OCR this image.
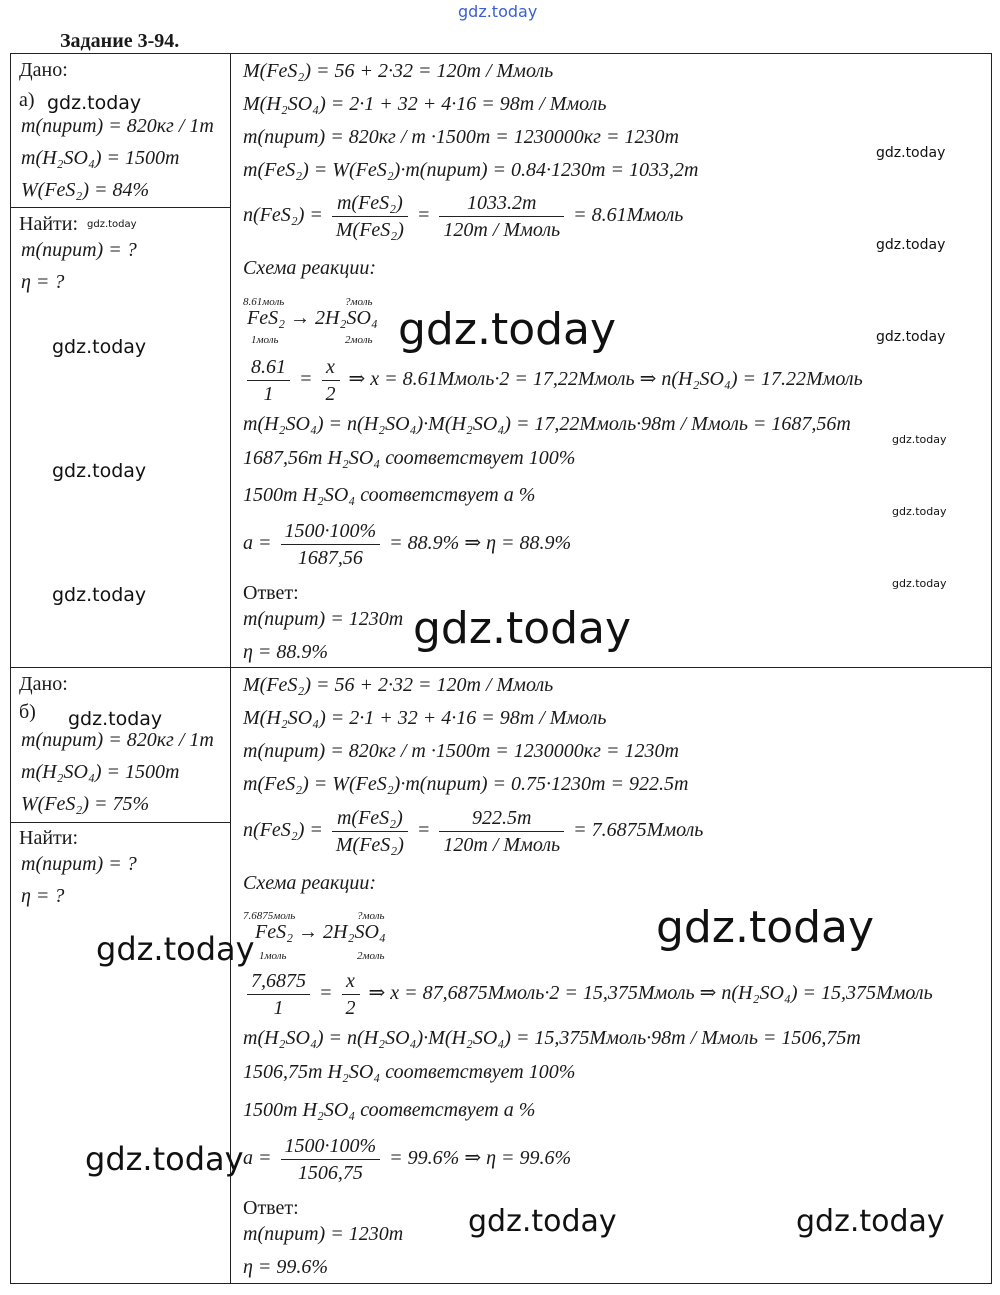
gdz.today
Задание 3-94.
Дано:
а)
m(пирит) = 820кг / 1т
m(H₂SO₄) = 1500т
W(FeS₂) = 84%
Найти:
m(пирит) = ?
η = ?
M(FeS₂) = 56 + 2·32 = 120т / Ммоль
M(H₂SO₄) = 2·1 + 32 + 4·16 = 98т / Ммоль
m(пирит) = 820кг / т ·1500т = 1230000кг = 1230т
m(FeS₂) = W(FeS₂)·m(пирит) = 0.84·1230т = 1033,2т
$n(FeS_2) = \frac{\text{m(FeS₂)}}{\text{M(FeS₂)}} = \frac{1033.2т}{\text{120т / Ммоль}}$ = 8.61Ммоль
Схема реакции:
8.61моль	?моль
FeS₂ → 2H₂SO₄
1моль	2моль
$\frac{8.61}{1} = \frac{x}{2}$ ⇒ x = 8.61Ммоль·2 = 17,22Ммоль ⇒ n(H₂SO₄) = 17.22Ммоль
m(H₂SO₄) = n(H₂SO₄)·M(H₂SO₄) = 17,22Ммоль·98т / Ммоль = 1687,56т
1687,56т H₂SO₄ соответствует 100%
1500т H₂SO₄ соответствует a %
$a = \frac{1500\cdot 100\%}{1687,56} = 88.9\%$ ⇒ η = 88.9%
Ответ:
m(пирит) = 1230т
η = 88.9%
Дано:
б)
m(пирит) = 820кг / 1т
m(H₂SO₄) = 1500т
W(FeS₂) = 75%
Найти:
m(пирит) = ?
η = ?
M(FeS₂) = 56 + 2·32 = 120т / Ммоль
M(H₂SO₄) = 2·1 + 32 + 4·16 = 98т / Ммоль
m(пирит) = 820кг / т ·1500т = 1230000кг = 1230т
m(FeS₂) = W(FeS₂)·m(пирит) = 0.75·1230т = 922.5т
$n(FeS_2) = \frac{\text{m(FeS₂)}}{\text{M(FeS₂)}} = \frac{922.5т}{\text{120т / Ммоль}}$ = 7.6875Ммоль
Схема реакции:
7.6875моль	?моль
FeS₂ → 2H₂SO₄
1моль	2моль
$\frac{7,6875}{1} = \frac{x}{2}$ ⇒ x = 87,6875Ммоль·2 = 15,375Ммоль ⇒ n(H₂SO₄) = 15,375Ммоль
m(H₂SO₄) = n(H₂SO₄)·M(H₂SO₄) = 15,375Ммоль·98т / Ммоль = 1506,75т
1506,75т H₂SO₄ соответствует 100%
1500т H₂SO₄ соответствует a %
$a = \frac{1500\cdot 100\%}{1506,75} = 99.6\%$ ⇒ η = 99.6%
Ответ:
m(пирит) = 1230т
η = 99.6%
gdz.today
gdz.today
gdz.today
gdz.today
gdz.today
gdz.today
gdz.today
gdz.today
gdz.today
gdz.today
gdz.today
gdz.today
gdz.today
gdz.today
gdz.today	gdz.today
gdz.today
gdz.today	gdz.today
